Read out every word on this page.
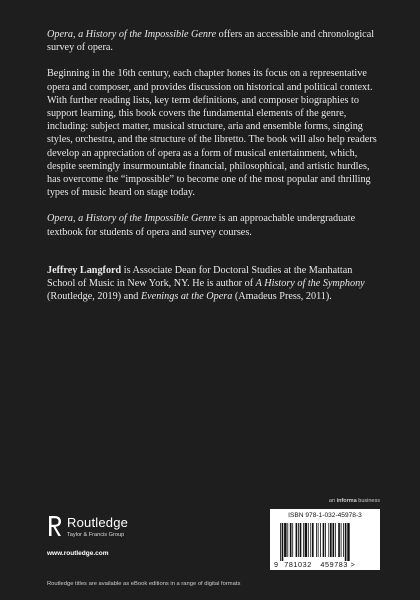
Opera, a History of the Impossible Genre offers an accessible and chronological survey of opera.

Beginning in the 16th century, each chapter hones its focus on a representative opera and composer, and provides discussion on historical and political context. With further reading lists, key term definitions, and composer biographies to support learning, this book covers the fundamental elements of the genre, including: subject matter, musical structure, aria and ensemble forms, singing styles, orchestra, and the structure of the libretto. The book will also help readers develop an appreciation of opera as a form of musical entertainment, which, despite seemingly insurmountable financial, philosophical, and artistic hurdles, has overcome the “impossible” to become one of the most popular and thrilling types of music heard on stage today.

Opera, a History of the Impossible Genre is an approachable undergraduate textbook for students of opera and survey courses.

Jeffrey Langford is Associate Dean for Doctoral Studies at the Manhattan School of Music in New York, NY. He is author of A History of the Symphony (Routledge, 2019) and Evenings at the Opera (Amadeus Press, 2011).

an informa business
Routledge
Taylor & Francis Group
www.routledge.com
ISBN 978-1-032-45978-3
9 781032 459783 >
Routledge titles are available as eBook editions in a range of digital formats
